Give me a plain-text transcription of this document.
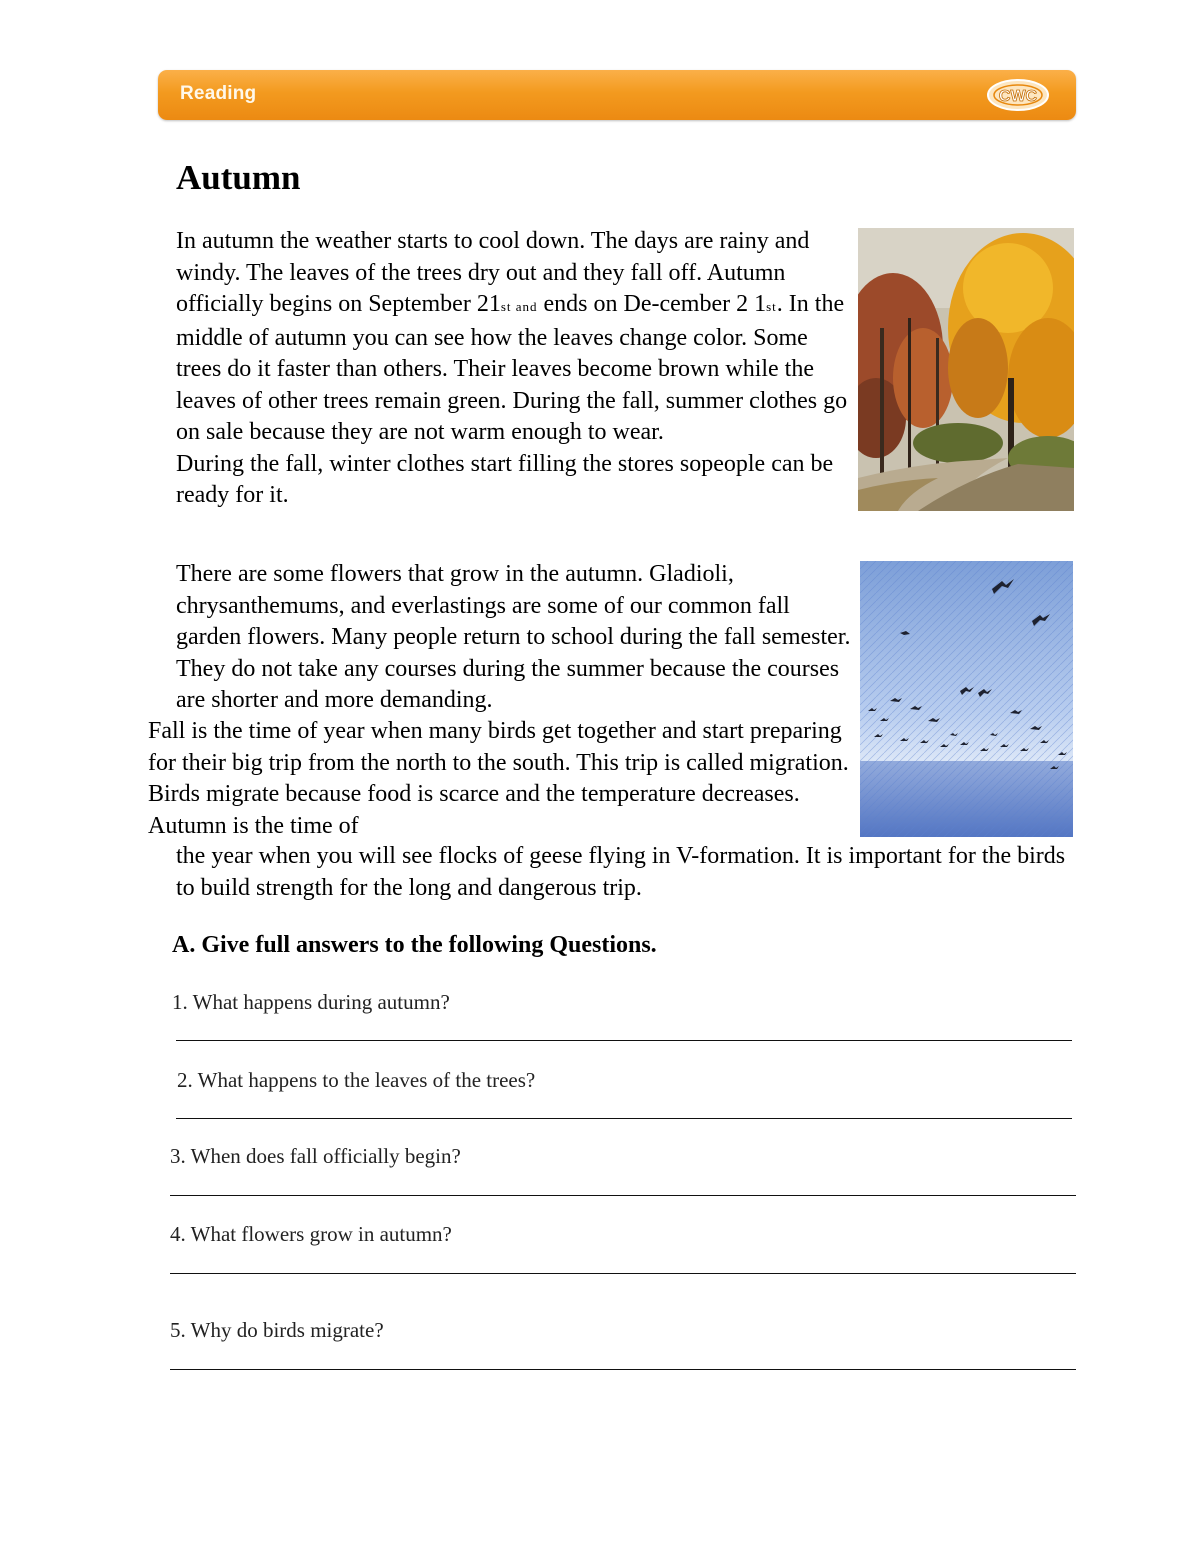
Reading	CWC
Autumn

In autumn the weather starts to cool down. The days are rainy and windy. The leaves of the trees dry out and they fall off. Autumn officially begins on September 21st and ends on De-cember 2 1st. In the middle of autumn you can see how the leaves change color. Some trees do it faster than others. Their leaves become brown while the leaves of other trees remain green. During the fall, summer clothes go on sale because they are not warm enough to wear.
During the fall, winter clothes start filling the stores sopeople can be ready for it.

There are some flowers that grow in the autumn. Gladioli, chrysanthemums, and everlastings are some of our common fall garden flowers. Many people return to school during the fall semester. They do not take any courses during the summer because the courses are shorter and more demanding.

Fall is the time of year when many birds get together and start preparing for their big trip from the north to the south. This trip is called migration. Birds migrate because food is scarce and the temperature decreases. Autumn is the time of

the year when you will see flocks of geese flying in V-formation. It is important for the birds to build strength for the long and dangerous trip.

A. Give full answers to the following Questions.
1. What happens during autumn?
2. What happens to the leaves of the trees?
3. When does fall officially begin?
4. What flowers grow in autumn?
5. Why do birds migrate?
